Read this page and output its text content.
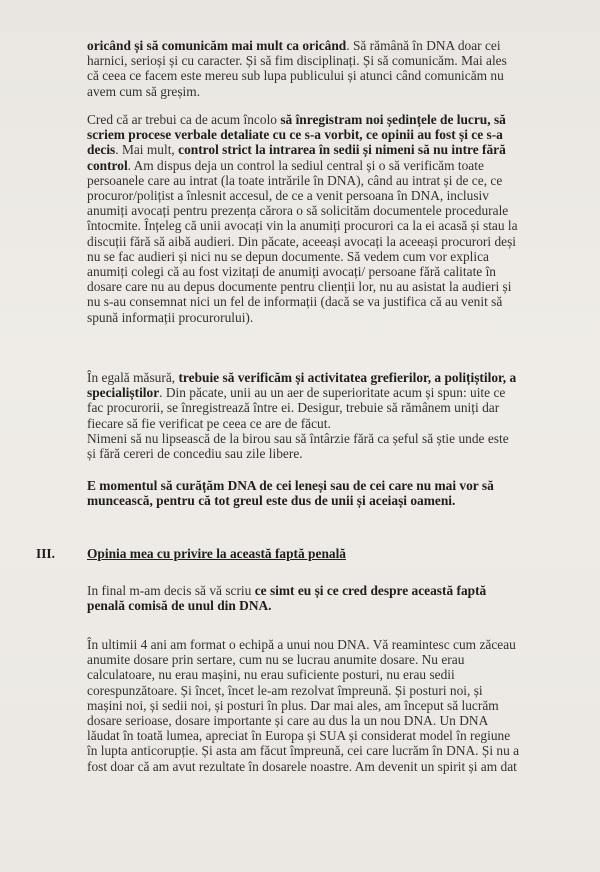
oricând și să comunicăm mai mult ca oricând. Să rămână în DNA doar cei
harnici, serioși și cu caracter. Și să fim disciplinați. Și să comunicăm. Mai ales
că ceea ce facem este mereu sub lupa publicului și atunci când comunicăm nu
avem cum să greșim.
Cred că ar trebui ca de acum încolo să înregistram noi ședințele de lucru, să
scriem procese verbale detaliate cu ce s-a vorbit, ce opinii au fost și ce s-a
decis. Mai mult, control strict la intrarea în sedii și nimeni să nu intre fără
control. Am dispus deja un control la sediul central și o să verificăm toate
persoanele care au intrat (la toate intrările în DNA), când au intrat și de ce, ce
procuror/polițist a înlesnit accesul, de ce a venit persoana în DNA, inclusiv
anumiți avocați pentru prezența cărora o să solicităm documentele procedurale
întocmite. Înțeleg că unii avocați vin la anumiți procurori ca la ei acasă și stau la
discuții fără să aibă audieri. Din păcate, aceeași avocați la aceeași procurori deși
nu se fac audieri și nici nu se depun documente. Să vedem cum vor explica
anumiți colegi că au fost vizitați de anumiți avocați/ persoane fără calitate în
dosare care nu au depus documente pentru clienții lor, nu au asistat la audieri și
nu s-au consemnat nici un fel de informații (dacă se va justifica că au venit să
spună informații procurorului).
În egală măsură, trebuie să verificăm și activitatea grefierilor, a polițiștilor, a
specialiștilor. Din păcate, unii au un aer de superioritate acum și spun: uite ce
fac procurorii, se înregistrează între ei. Desigur, trebuie să rămânem uniți dar
fiecare să fie verificat pe ceea ce are de făcut.
Nimeni să nu lipsească de la birou sau să întârzie fără ca șeful să știe unde este
și fără cereri de concediu sau zile libere.
E momentul să curățăm DNA de cei leneși sau de cei care nu mai vor să
muncească, pentru că tot greul este dus de unii și aceiași oameni.
III. Opinia mea cu privire la această faptă penală
In final m-am decis să vă scriu ce simt eu și ce cred despre această faptă
penală comisă de unul din DNA.
În ultimii 4 ani am format o echipă a unui nou DNA. Vă reamintesc cum zăceau
anumite dosare prin sertare, cum nu se lucrau anumite dosare. Nu erau
calculatoare, nu erau mașini, nu erau suficiente posturi, nu erau sedii
corespunzătoare. Și încet, încet le-am rezolvat împreună. Și posturi noi, și
mașini noi, și sedii noi, și posturi în plus. Dar mai ales, am început să lucrăm
dosare serioase, dosare importante și care au dus la un nou DNA. Un DNA
lăudat în toată lumea, apreciat în Europa și SUA și considerat model în regiune
în lupta anticorupție. Și asta am făcut împreună, cei care lucrăm în DNA. Și nu a
fost doar că am avut rezultate în dosarele noastre. Am devenit un spirit și am dat
